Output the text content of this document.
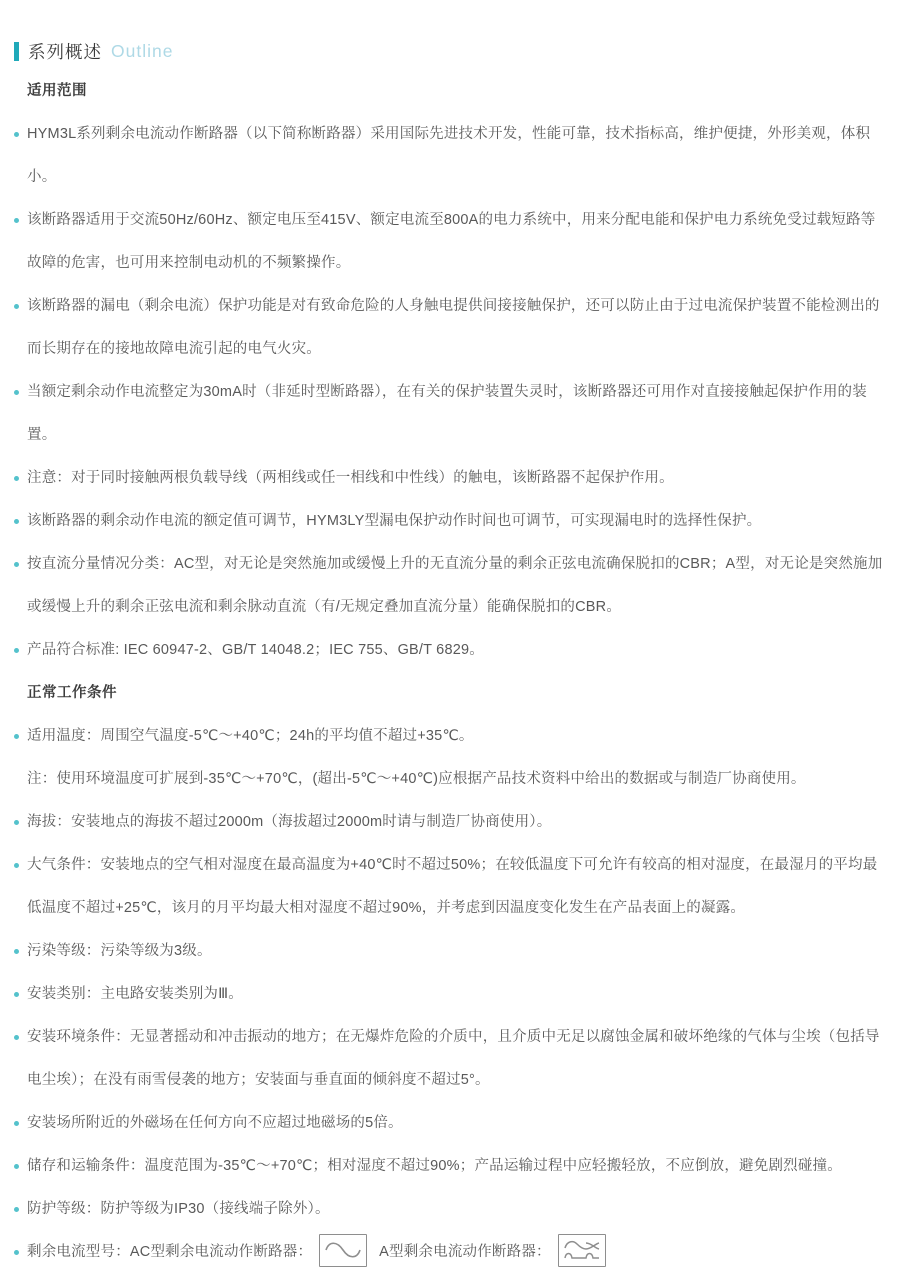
系列概述 Outline
适用范围
HYM3L系列剩余电流动作断路器（以下简称断路器）采用国际先进技术开发，性能可靠，技术指标高，维护便捷，外形美观，体积小。
该断路器适用于交流50Hz/60Hz、额定电压至415V、额定电流至800A的电力系统中，用来分配电能和保护电力系统免受过载短路等故障的危害，也可用来控制电动机的不频繁操作。
该断路器的漏电（剩余电流）保护功能是对有致命危险的人身触电提供间接接触保护，还可以防止由于过电流保护装置不能检测出的而长期存在的接地故障电流引起的电气火灾。
当额定剩余动作电流整定为30mA时（非延时型断路器），在有关的保护装置失灵时，该断路器还可用作对直接接触起保护作用的装置。
注意：对于同时接触两根负载导线（两相线或任一相线和中性线）的触电，该断路器不起保护作用。
该断路器的剩余动作电流的额定值可调节，HYM3LY型漏电保护动作时间也可调节，可实现漏电时的选择性保护。
按直流分量情况分类：AC型，对无论是突然施加或缓慢上升的无直流分量的剩余正弦电流确保脱扣的CBR；A型，对无论是突然施加或缓慢上升的剩余正弦电流和剩余脉动直流（有/无规定叠加直流分量）能确保脱扣的CBR。
产品符合标准: IEC 60947-2、GB/T 14048.2；IEC 755、GB/T 6829。
正常工作条件
适用温度：周围空气温度-5℃～+40℃；24h的平均值不超过+35℃。
注：使用环境温度可扩展到-35℃～+70℃，(超出-5℃～+40℃)应根据产品技术资料中给出的数据或与制造厂协商使用。
海拔：安装地点的海拔不超过2000m（海拔超过2000m时请与制造厂协商使用）。
大气条件：安装地点的空气相对湿度在最高温度为+40℃时不超过50%；在较低温度下可允许有较高的相对湿度，在最湿月的平均最低温度不超过+25℃，该月的月平均最大相对湿度不超过90%，并考虑到因温度变化发生在产品表面上的凝露。
污染等级：污染等级为3级。
安装类别：主电路安装类别为Ⅲ。
安装环境条件：无显著摇动和冲击振动的地方；在无爆炸危险的介质中，且介质中无足以腐蚀金属和破坏绝缘的气体与尘埃（包括导电尘埃）；在没有雨雪侵袭的地方；安装面与垂直面的倾斜度不超过5°。
安装场所附近的外磁场在任何方向不应超过地磁场的5倍。
储存和运输条件：温度范围为-35℃～+70℃；相对湿度不超过90%；产品运输过程中应轻搬轻放，不应倒放，避免剧烈碰撞。
防护等级：防护等级为IP30（接线端子除外）。
剩余电流型号：AC型剩余电流动作断路器：	A型剩余电流动作断路器：
